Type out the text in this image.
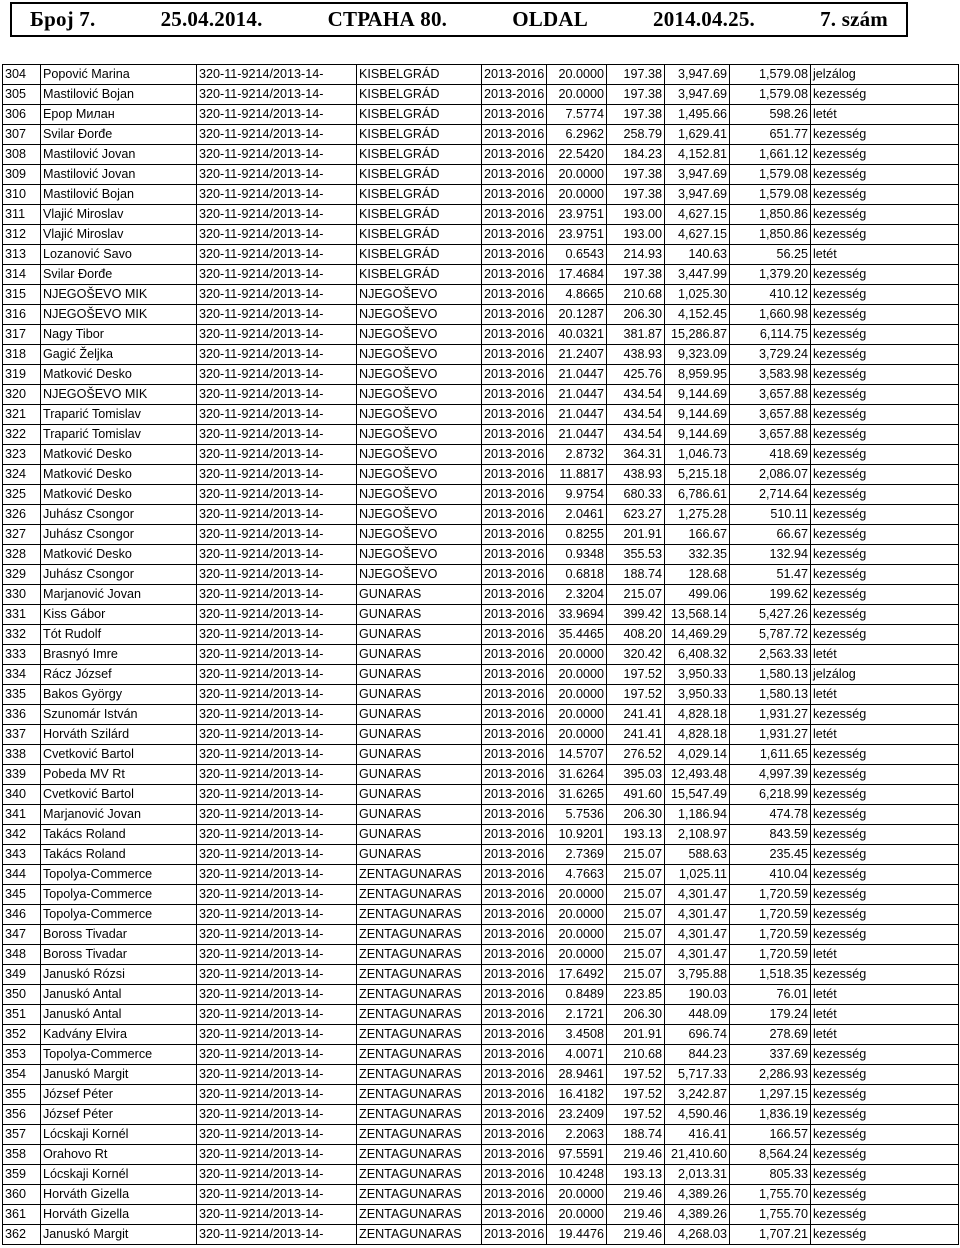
Број 7.	25.04.2014.	СТРАНА 80.	OLDAL	2014.04.25.	7. szám
304	Popović Marina	320-11-9214/2013-14-	KISBELGRÁD	2013-2016	20.0000	197.38	3,947.69	1,579.08	jelzálog
305	Mastilović Bojan	320-11-9214/2013-14-	KISBELGRÁD	2013-2016	20.0000	197.38	3,947.69	1,579.08	kezesség
306	Ерор Милан	320-11-9214/2013-14-	KISBELGRÁD	2013-2016	7.5774	197.38	1,495.66	598.26	letét
307	Svilar Đorđe	320-11-9214/2013-14-	KISBELGRÁD	2013-2016	6.2962	258.79	1,629.41	651.77	kezesség
308	Mastilović Jovan	320-11-9214/2013-14-	KISBELGRÁD	2013-2016	22.5420	184.23	4,152.81	1,661.12	kezesség
309	Mastilović Jovan	320-11-9214/2013-14-	KISBELGRÁD	2013-2016	20.0000	197.38	3,947.69	1,579.08	kezesség
310	Mastilović Bojan	320-11-9214/2013-14-	KISBELGRÁD	2013-2016	20.0000	197.38	3,947.69	1,579.08	kezesség
311	Vlajić Miroslav	320-11-9214/2013-14-	KISBELGRÁD	2013-2016	23.9751	193.00	4,627.15	1,850.86	kezesség
312	Vlajić Miroslav	320-11-9214/2013-14-	KISBELGRÁD	2013-2016	23.9751	193.00	4,627.15	1,850.86	kezesség
313	Lozanović Savo	320-11-9214/2013-14-	KISBELGRÁD	2013-2016	0.6543	214.93	140.63	56.25	letét
314	Svilar Đorđe	320-11-9214/2013-14-	KISBELGRÁD	2013-2016	17.4684	197.38	3,447.99	1,379.20	kezesség
315	NJEGOŠEVO MIK	320-11-9214/2013-14-	NJEGOŠEVO	2013-2016	4.8665	210.68	1,025.30	410.12	kezesség
316	NJEGOŠEVO MIK	320-11-9214/2013-14-	NJEGOŠEVO	2013-2016	20.1287	206.30	4,152.45	1,660.98	kezesség
317	Nagy Tibor	320-11-9214/2013-14-	NJEGOŠEVO	2013-2016	40.0321	381.87	15,286.87	6,114.75	kezesség
318	Gagić Željka	320-11-9214/2013-14-	NJEGOŠEVO	2013-2016	21.2407	438.93	9,323.09	3,729.24	kezesség
319	Matković Desko	320-11-9214/2013-14-	NJEGOŠEVO	2013-2016	21.0447	425.76	8,959.95	3,583.98	kezesség
320	NJEGOŠEVO MIK	320-11-9214/2013-14-	NJEGOŠEVO	2013-2016	21.0447	434.54	9,144.69	3,657.88	kezesség
321	Traparić Tomislav	320-11-9214/2013-14-	NJEGOŠEVO	2013-2016	21.0447	434.54	9,144.69	3,657.88	kezesség
322	Traparić Tomislav	320-11-9214/2013-14-	NJEGOŠEVO	2013-2016	21.0447	434.54	9,144.69	3,657.88	kezesség
323	Matković Desko	320-11-9214/2013-14-	NJEGOŠEVO	2013-2016	2.8732	364.31	1,046.73	418.69	kezesség
324	Matković Desko	320-11-9214/2013-14-	NJEGOŠEVO	2013-2016	11.8817	438.93	5,215.18	2,086.07	kezesség
325	Matković Desko	320-11-9214/2013-14-	NJEGOŠEVO	2013-2016	9.9754	680.33	6,786.61	2,714.64	kezesség
326	Juhász Csongor	320-11-9214/2013-14-	NJEGOŠEVO	2013-2016	2.0461	623.27	1,275.28	510.11	kezesség
327	Juhász Csongor	320-11-9214/2013-14-	NJEGOŠEVO	2013-2016	0.8255	201.91	166.67	66.67	kezesség
328	Matković Desko	320-11-9214/2013-14-	NJEGOŠEVO	2013-2016	0.9348	355.53	332.35	132.94	kezesség
329	Juhász Csongor	320-11-9214/2013-14-	NJEGOŠEVO	2013-2016	0.6818	188.74	128.68	51.47	kezesség
330	Marjanović Jovan	320-11-9214/2013-14-	GUNARAS	2013-2016	2.3204	215.07	499.06	199.62	kezesség
331	Kiss Gábor	320-11-9214/2013-14-	GUNARAS	2013-2016	33.9694	399.42	13,568.14	5,427.26	kezesség
332	Tót Rudolf	320-11-9214/2013-14-	GUNARAS	2013-2016	35.4465	408.20	14,469.29	5,787.72	kezesség
333	Brasnyó Imre	320-11-9214/2013-14-	GUNARAS	2013-2016	20.0000	320.42	6,408.32	2,563.33	letét
334	Rácz József	320-11-9214/2013-14-	GUNARAS	2013-2016	20.0000	197.52	3,950.33	1,580.13	jelzálog
335	Bakos György	320-11-9214/2013-14-	GUNARAS	2013-2016	20.0000	197.52	3,950.33	1,580.13	letét
336	Szunomár István	320-11-9214/2013-14-	GUNARAS	2013-2016	20.0000	241.41	4,828.18	1,931.27	kezesség
337	Horváth Szilárd	320-11-9214/2013-14-	GUNARAS	2013-2016	20.0000	241.41	4,828.18	1,931.27	letét
338	Cvetković Bartol	320-11-9214/2013-14-	GUNARAS	2013-2016	14.5707	276.52	4,029.14	1,611.65	kezesség
339	Pobeda MV Rt	320-11-9214/2013-14-	GUNARAS	2013-2016	31.6264	395.03	12,493.48	4,997.39	kezesség
340	Cvetković Bartol	320-11-9214/2013-14-	GUNARAS	2013-2016	31.6265	491.60	15,547.49	6,218.99	kezesség
341	Marjanović Jovan	320-11-9214/2013-14-	GUNARAS	2013-2016	5.7536	206.30	1,186.94	474.78	kezesség
342	Takács Roland	320-11-9214/2013-14-	GUNARAS	2013-2016	10.9201	193.13	2,108.97	843.59	kezesség
343	Takács Roland	320-11-9214/2013-14-	GUNARAS	2013-2016	2.7369	215.07	588.63	235.45	kezesség
344	Topolya-Commerce	320-11-9214/2013-14-	ZENTAGUNARAS	2013-2016	4.7663	215.07	1,025.11	410.04	kezesség
345	Topolya-Commerce	320-11-9214/2013-14-	ZENTAGUNARAS	2013-2016	20.0000	215.07	4,301.47	1,720.59	kezesség
346	Topolya-Commerce	320-11-9214/2013-14-	ZENTAGUNARAS	2013-2016	20.0000	215.07	4,301.47	1,720.59	kezesség
347	Boross Tivadar	320-11-9214/2013-14-	ZENTAGUNARAS	2013-2016	20.0000	215.07	4,301.47	1,720.59	kezesség
348	Boross Tivadar	320-11-9214/2013-14-	ZENTAGUNARAS	2013-2016	20.0000	215.07	4,301.47	1,720.59	letét
349	Januskó Rózsi	320-11-9214/2013-14-	ZENTAGUNARAS	2013-2016	17.6492	215.07	3,795.88	1,518.35	kezesség
350	Januskó Antal	320-11-9214/2013-14-	ZENTAGUNARAS	2013-2016	0.8489	223.85	190.03	76.01	letét
351	Januskó Antal	320-11-9214/2013-14-	ZENTAGUNARAS	2013-2016	2.1721	206.30	448.09	179.24	letét
352	Kadvány Elvira	320-11-9214/2013-14-	ZENTAGUNARAS	2013-2016	3.4508	201.91	696.74	278.69	letét
353	Topolya-Commerce	320-11-9214/2013-14-	ZENTAGUNARAS	2013-2016	4.0071	210.68	844.23	337.69	kezesség
354	Januskó Margit	320-11-9214/2013-14-	ZENTAGUNARAS	2013-2016	28.9461	197.52	5,717.33	2,286.93	kezesség
355	József Péter	320-11-9214/2013-14-	ZENTAGUNARAS	2013-2016	16.4182	197.52	3,242.87	1,297.15	kezesség
356	József Péter	320-11-9214/2013-14-	ZENTAGUNARAS	2013-2016	23.2409	197.52	4,590.46	1,836.19	kezesség
357	Lócskaji Kornél	320-11-9214/2013-14-	ZENTAGUNARAS	2013-2016	2.2063	188.74	416.41	166.57	kezesség
358	Orahovo Rt	320-11-9214/2013-14-	ZENTAGUNARAS	2013-2016	97.5591	219.46	21,410.60	8,564.24	kezesség
359	Lócskaji Kornél	320-11-9214/2013-14-	ZENTAGUNARAS	2013-2016	10.4248	193.13	2,013.31	805.33	kezesség
360	Horváth Gizella	320-11-9214/2013-14-	ZENTAGUNARAS	2013-2016	20.0000	219.46	4,389.26	1,755.70	kezesség
361	Horváth Gizella	320-11-9214/2013-14-	ZENTAGUNARAS	2013-2016	20.0000	219.46	4,389.26	1,755.70	kezesség
362	Januskó Margit	320-11-9214/2013-14-	ZENTAGUNARAS	2013-2016	19.4476	219.46	4,268.03	1,707.21	kezesség
